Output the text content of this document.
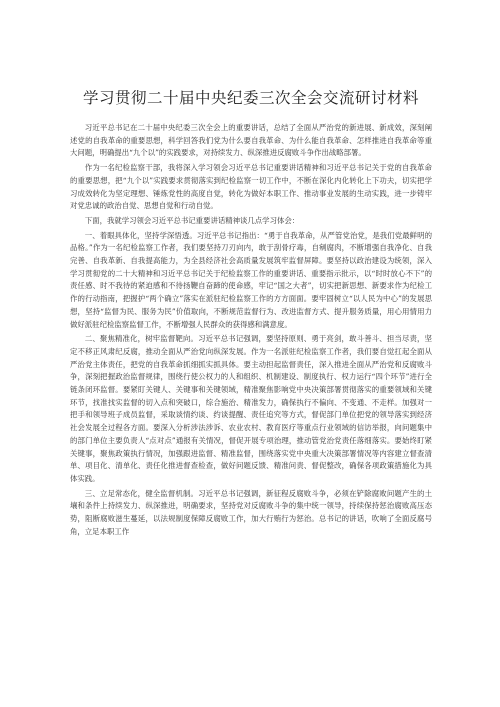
学习贯彻二十届中央纪委三次全会交流研讨材料

习近平总书记在二十届中央纪委三次全会上的重要讲话，总结了全面从严治党的新进展、新成效，深刻阐述党的自我革命的重要思想，科学回答我们党为什么要自我革命、为什么能自我革命、怎样推进自我革命等重大问题，明确提出“九个以”的实践要求，对持续发力、纵深推进反腐败斗争作出战略部署。

作为一名纪检监察干部，我将深入学习领会习近平总书记重要讲话精神和习近平总书记关于党的自我革命的重要思想，把“九个以”实践要求贯彻落实到纪检监察一切工作中，不断在深化内化转化上下功夫，切实把学习成效转化为坚定理想、锤炼党性的高度自觉，转化为做好本职工作、推动事业发展的生动实践，进一步铸牢对党忠诚的政治自觉、思想自觉和行动自觉。

下面，我就学习领会习近平总书记重要讲话精神谈几点学习体会：

一、着眼具体化，坚持学深悟透。习近平总书记指出：“勇于自我革命，从严管党治党，是我们党最鲜明的品格。”作为一名纪检监察工作者，我们要坚持刀刃向内，敢于刮骨疗毒，自剜腐肉，不断增强自我净化、自我完善、自我革新、自我提高能力，为全县经济社会高质量发展筑牢监督屏障。要坚持以政治建设为统领，深入学习贯彻党的二十大精神和习近平总书记关于纪检监察工作的重要讲话、重要指示批示，以“时时放心不下”的责任感、时不我待的紧迫感和不待扬鞭自奋蹄的使命感，牢记“国之大者”，切实把新思想、新要求作为纪检工作的行动指南，把握护“两个确立”落实在派驻纪检监察工作的方方面面。要牢固树立“以人民为中心”的发展思想，坚持“监督为民、服务为民”价值取向，不断规范监督行为、改进监督方式、提升服务质量，用心用情用力做好派驻纪检监察监督工作，不断增强人民群众的获得感和满意度。

二、聚焦精准化，树牢监督靶向。习近平总书记强调，要坚持原则、勇于亮剑，敢斗善斗、担当尽责，坚定不移正风肃纪反腐，推动全面从严治党向纵深发展。作为一名派驻纪检监察工作者，我们要自觉扛起全面从严治党主体责任，把党的自我革命抓细抓实抓具体。要主动担起监督责任，深入推进全面从严治党和反腐败斗争，深刻把握政治监督规律，围绕行使公权力的人和组织、机制建设、制度执行、权力运行“四个环节”进行全链条闭环监督。要紧盯关键人、关键事和关键领域，精准聚焦影响党中央决策部署贯彻落实的重要领域和关键环节，找准找实监督的切入点和突破口，综合施治、精准发力，确保执行不偏向、不变通、不走样。加强对一把手和领导班子成员监督，采取谈情约谈、约谈提醒、责任追究等方式，督促部门单位把党的领导落实到经济社会发展全过程各方面。要深入分析涉法涉诉、农业农村、教育医疗等重点行业领域的信访举报，向问题集中的部门单位主要负责人“点对点”通报有关情况，督促开展专项治理，推动管党治党责任落细落实。要始终盯紧关键事，聚焦政策执行情况，加强跟进监督、精准监督，围绕落实党中央重大决策部署情况等内容建立督查清单、项目化、清单化、责任化推进督查检查，做好问题反馈、精准问责、督促整改，确保各项政策措施化为具体实践。

三、立足常态化，健全监督机制。习近平总书记强调，新征程反腐败斗争，必须在铲除腐败问题产生的土壤和条件上持续发力、纵深推进，明确要求，坚持党对反腐败斗争的集中统一领导，持续保持惩治腐败高压态势，阻断腐败滋生蔓延，以法规制度保障反腐败工作，加大行贿行为惩治。总书记的讲话，吹响了全面反腐号角，立足本职工作
